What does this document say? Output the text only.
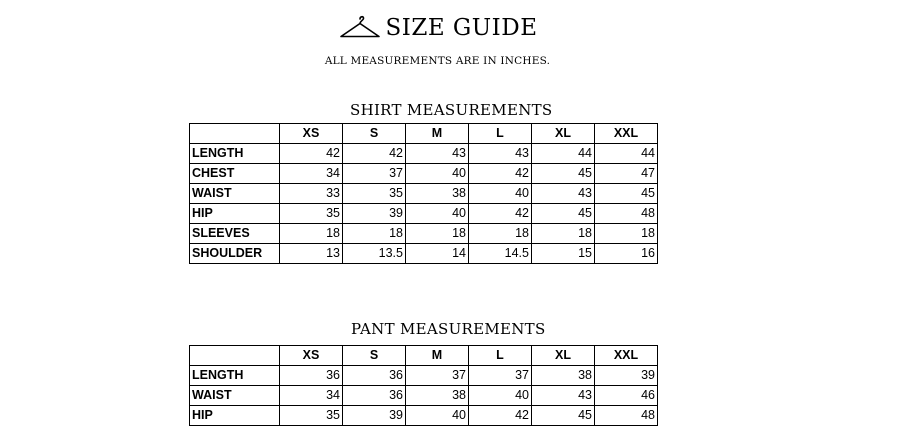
SIZE GUIDE
ALL MEASUREMENTS ARE IN INCHES.
SHIRT MEASUREMENTS
	XS	S	M	L	XL	XXL
LENGTH	42	42	43	43	44	44
CHEST	34	37	40	42	45	47
WAIST	33	35	38	40	43	45
HIP	35	39	40	42	45	48
SLEEVES	18	18	18	18	18	18
SHOULDER	13	13.5	14	14.5	15	16
PANT MEASUREMENTS
	XS	S	M	L	XL	XXL
LENGTH	36	36	37	37	38	39
WAIST	34	36	38	40	43	46
HIP	35	39	40	42	45	48
